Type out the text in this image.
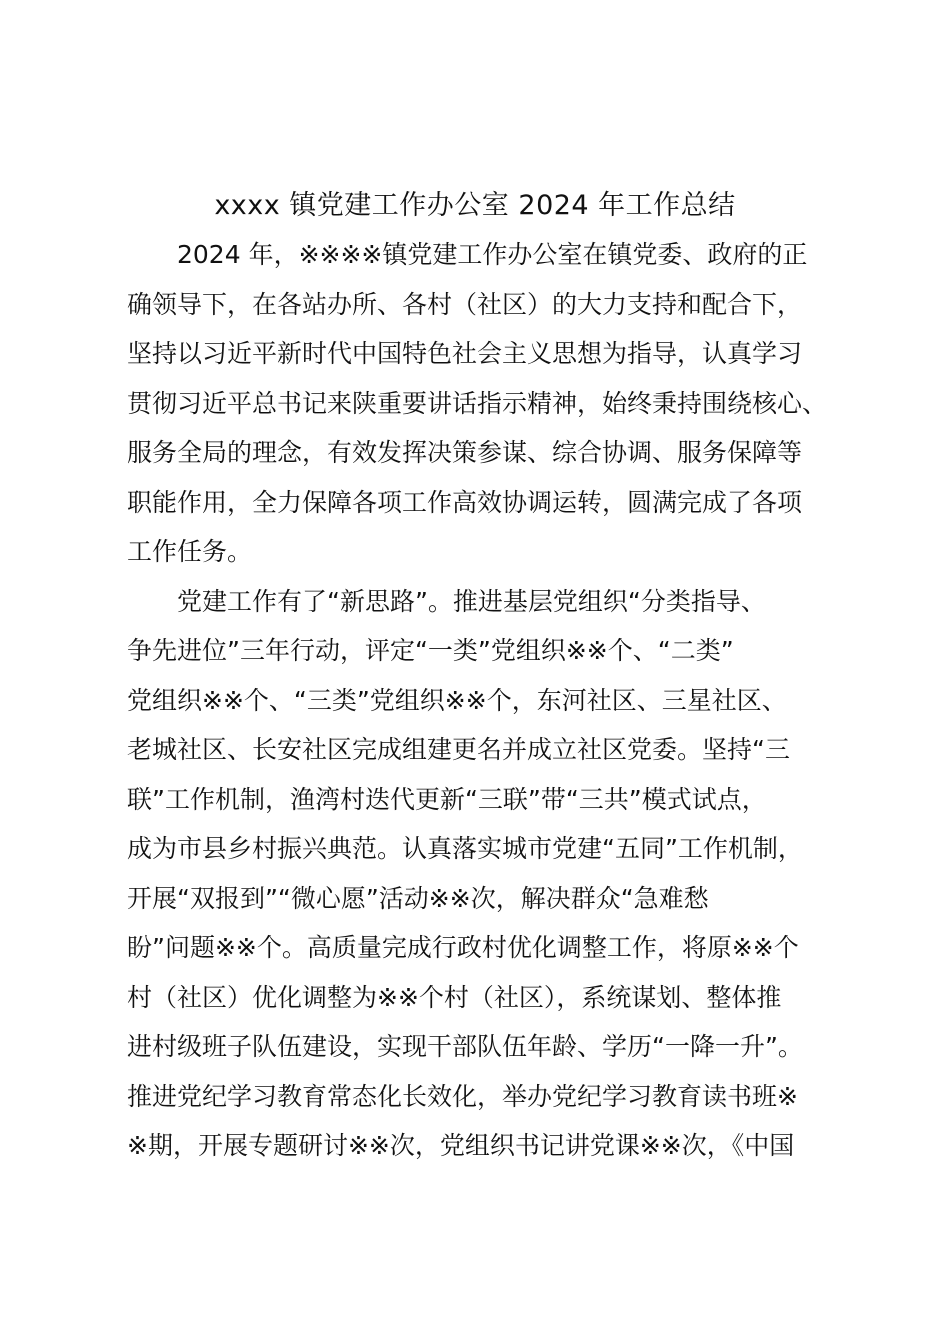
xxxx 镇党建工作办公室 2024 年工作总结
2024 年，※※※※镇党建工作办公室在镇党委、政府的正
确领导下，在各站办所、各村（社区）的大力支持和配合下，
坚持以习近平新时代中国特色社会主义思想为指导，认真学习
贯彻习近平总书记来陕重要讲话指示精神，始终秉持围绕核心、
服务全局的理念，有效发挥决策参谋、综合协调、服务保障等
职能作用，全力保障各项工作高效协调运转，圆满完成了各项
工作任务。
党建工作有了“新思路”。推进基层党组织“分类指导、
争先进位”三年行动，评定“一类”党组织※※个、“二类”
党组织※※个、“三类”党组织※※个，东河社区、三星社区、
老城社区、长安社区完成组建更名并成立社区党委。坚持“三
联”工作机制，渔湾村迭代更新“三联”带“三共”模式试点，
成为市县乡村振兴典范。认真落实城市党建“五同”工作机制，
开展“双报到”“微心愿”活动※※次，解决群众“急难愁
盼”问题※※个。高质量完成行政村优化调整工作，将原※※个
村（社区）优化调整为※※个村（社区），系统谋划、整体推
进村级班子队伍建设，实现干部队伍年龄、学历“一降一升”。
推进党纪学习教育常态化长效化，举办党纪学习教育读书班※
※期，开展专题研讨※※次，党组织书记讲党课※※次，《中国
